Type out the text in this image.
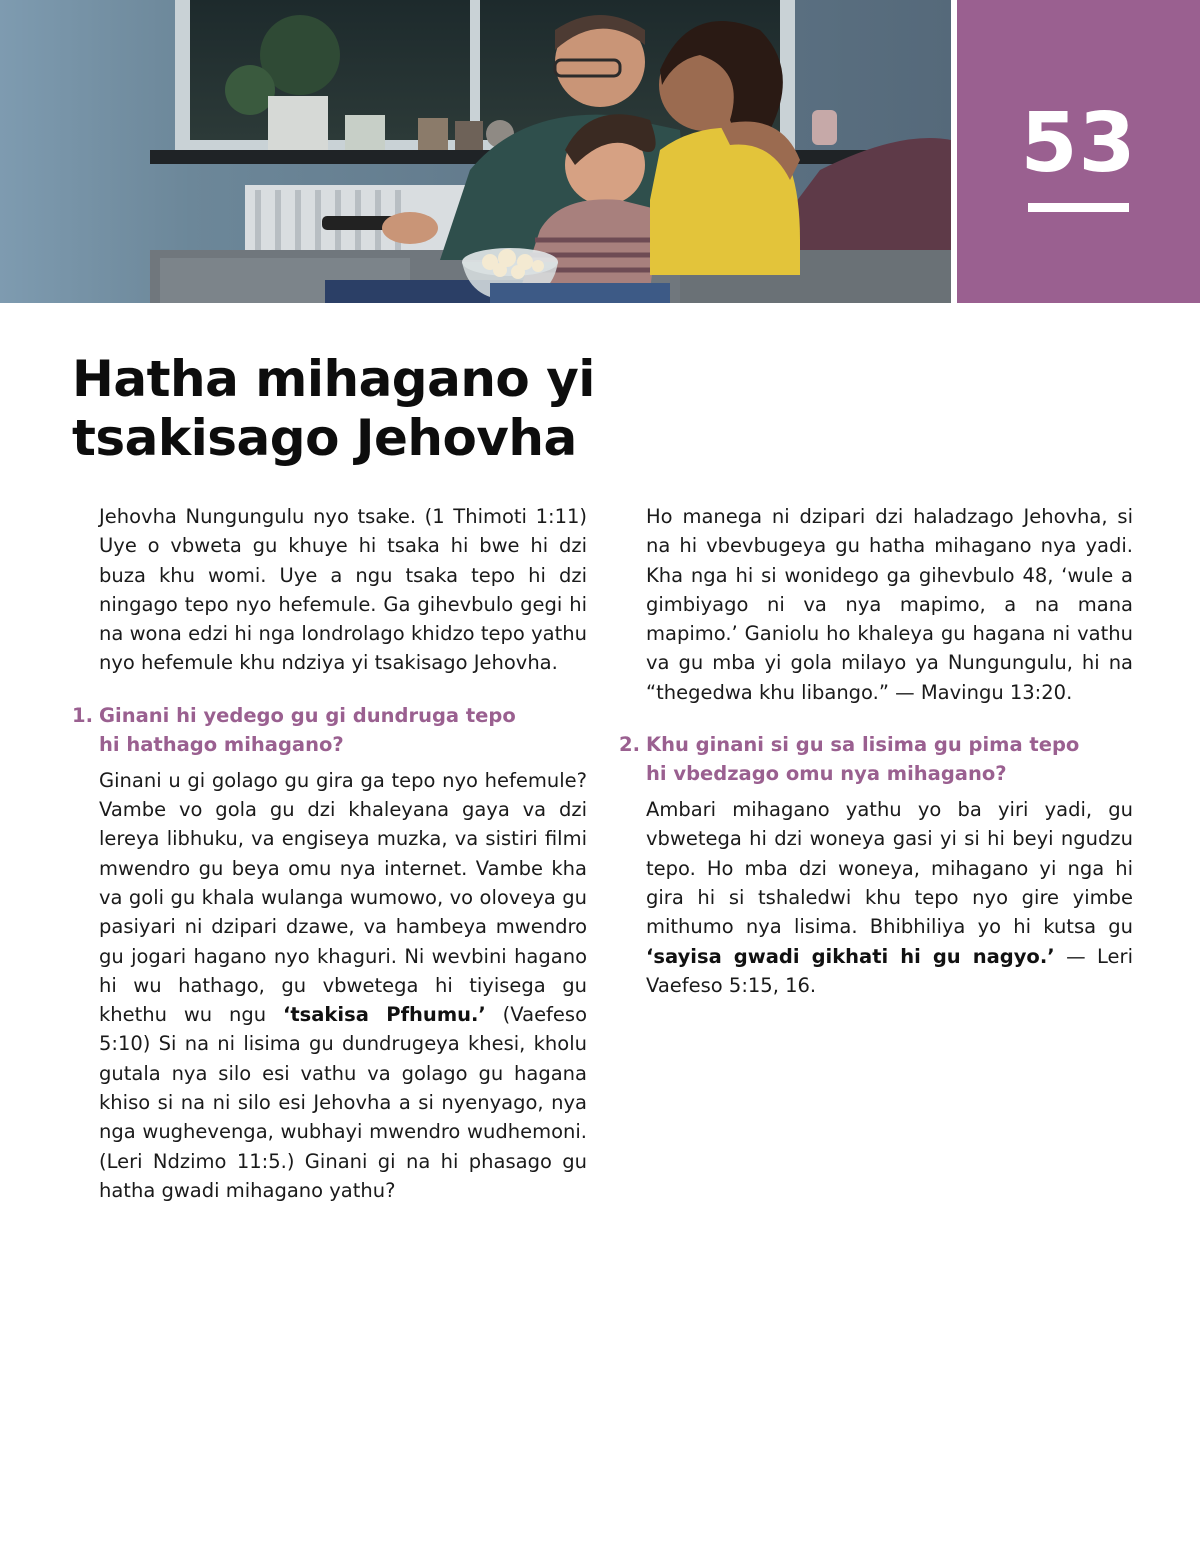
53
Hatha mihagano yi
tsakisago Jehovha

Jehovha Nungungulu nyo tsake. (1 Thimoti 1:11) Uye o vbweta gu khuye hi tsaka hi bwe hi dzi buza khu womi. Uye a ngu tsaka tepo hi dzi ningago tepo nyo hefemule. Ga gihevbulo gegi hi na wona edzi hi nga londrolago khidzo tepo yathu nyo hefemule khu ndziya yi tsakisago Jehovha.

1. Ginani hi yedego gu gi dundruga tepo
hi hathago mihagano?

Ginani u gi golago gu gira ga tepo nyo hefemule? Vambe vo gola gu dzi khaleyana gaya va dzi lereya libhuku, va engiseya muzka, va sistiri filmi mwendro gu beya omu nya internet. Vambe kha va goli gu khala wulanga wumowo, vo oloveya gu pasiyari ni dzipari dzawe, va hambeya mwendro gu jogari hagano nyo khaguri. Ni wevbini hagano hi wu hathago, gu vbwetega hi tiyisega gu khethu wu ngu ‘tsakisa Pfhumu.’ (Vaefeso 5:10) Si na ni lisima gu dundrugeya khesi, kholu gutala nya silo esi vathu va golago gu hagana khiso si na ni silo esi Jehovha a si nyenyago, nya nga wughevenga, wubhayi mwendro wudhemoni. (Leri Ndzimo 11:5.) Ginani gi na hi phasago gu hatha gwadi mihagano yathu?

Ho manega ni dzipari dzi haladzago Jehovha, si na hi vbevbugeya gu hatha mihagano nya yadi. Kha nga hi si wonidego ga gihevbulo 48, ‘wule a gimbiyago ni va nya mapimo, a na mana mapimo.’ Ganiolu ho khaleya gu hagana ni vathu va gu mba yi gola milayo ya Nungungulu, hi na “thegedwa khu libango.” — Mavingu 13:20.

2. Khu ginani si gu sa lisima gu pima tepo
hi vbedzago omu nya mihagano?

Ambari mihagano yathu yo ba yiri yadi, gu vbwetega hi dzi woneya gasi yi si hi beyi ngudzu tepo. Ho mba dzi woneya, mihagano yi nga hi gira hi si tshaledwi khu tepo nyo gire yimbe mithumo nya lisima. Bhibhiliya yo hi kutsa gu ‘sayisa gwadi gikhati hi gu nagyo.’ — Leri Vaefeso 5:15, 16.
